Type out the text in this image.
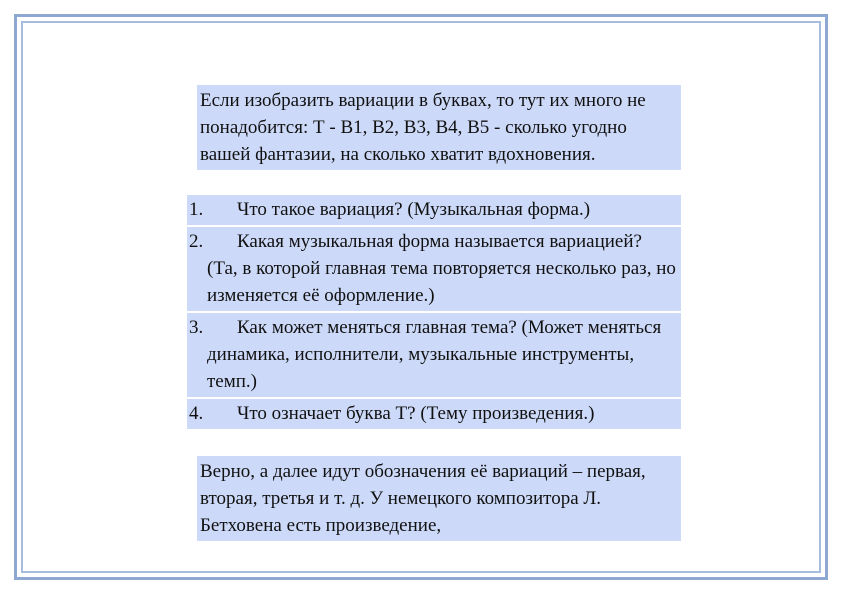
Если изобразить вариации в буквах, то тут их много не понадобится: Т - В1, В2, В3, В4, В5 - сколько угодно вашей фантазии, на сколько хватит вдохновения.
1.	Что такое вариация? (Музыкальная форма.)
2.	Какая музыкальная форма называется вариацией? (Та, в которой главная тема повторяется несколько раз, но изменяется её оформление.)
3.	Как может меняться главная тема? (Может меняться динамика, исполнители, музыкальные инструменты, темп.)
4.	Что означает буква Т? (Тему произведения.)
Верно, а далее идут обозначения её вариаций – первая, вторая, третья и т. д. У немецкого композитора Л. Бетховена есть произведение,
